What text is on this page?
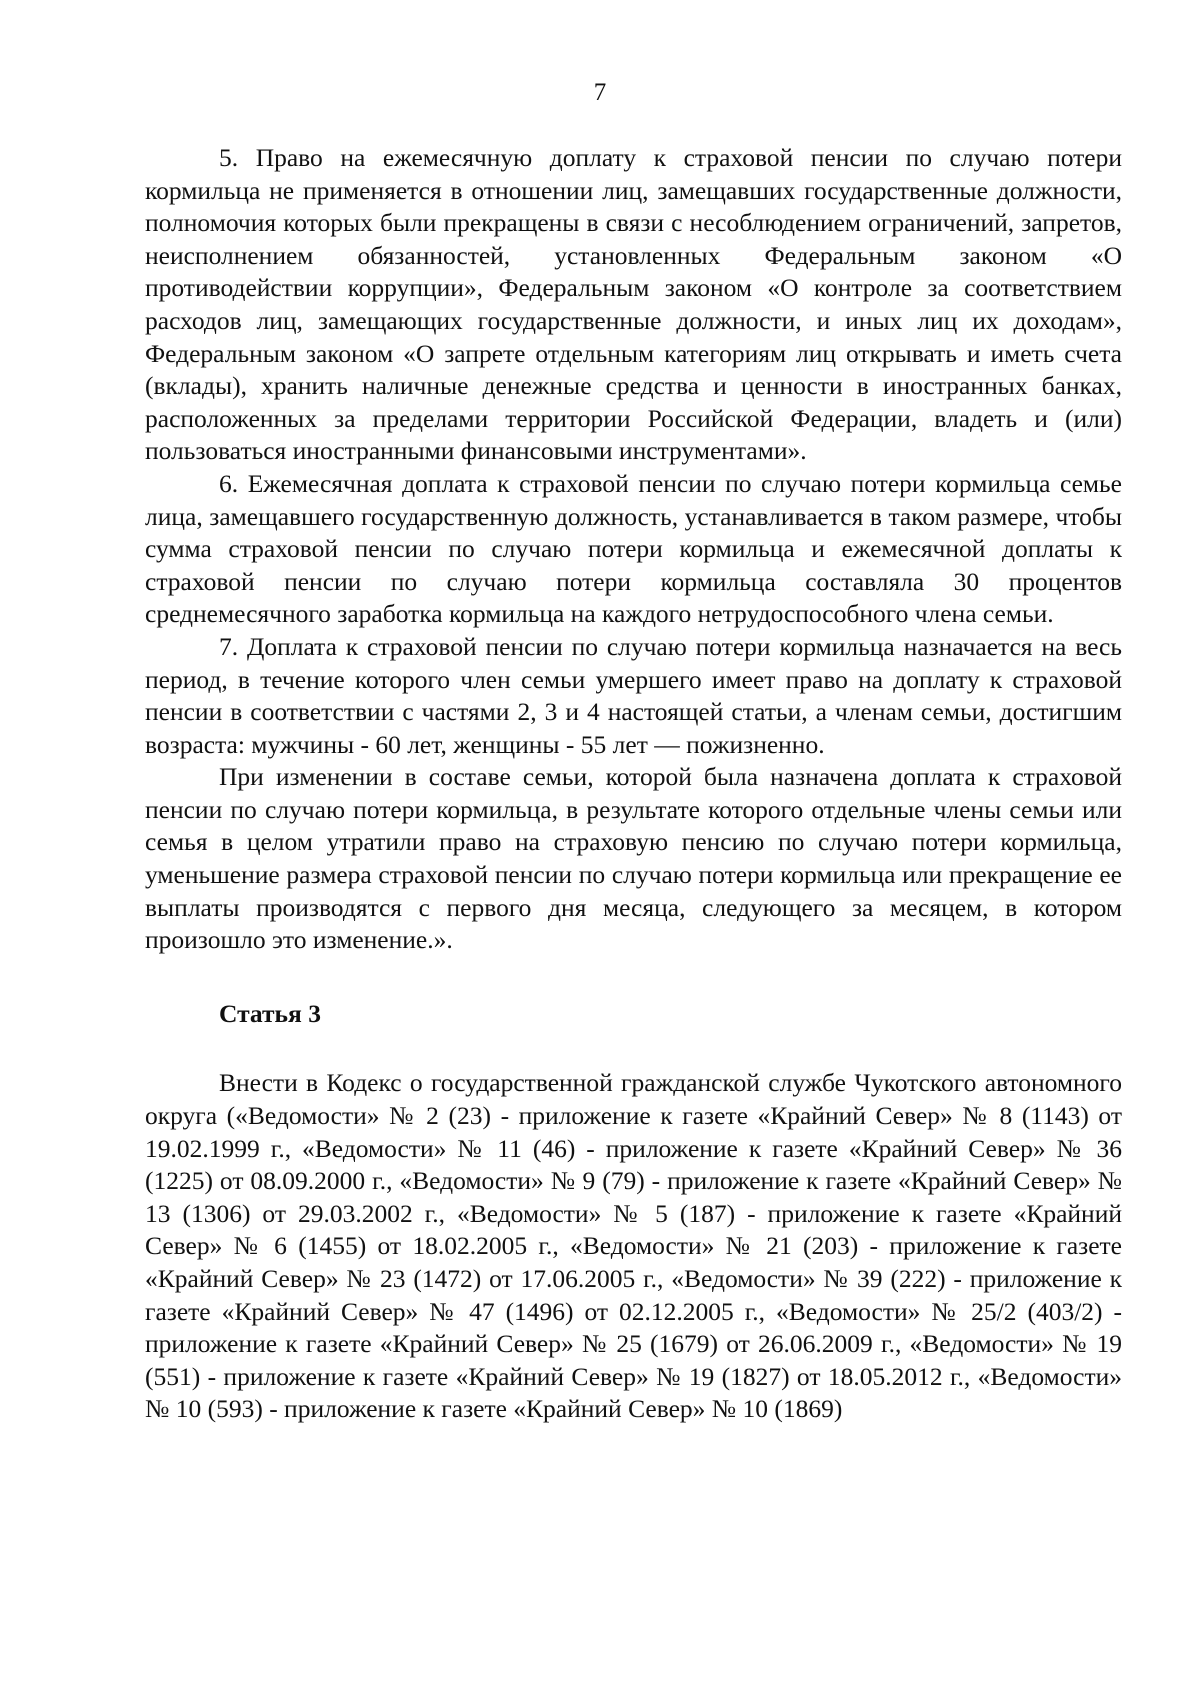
7

5. Право на ежемесячную доплату к страховой пенсии по случаю потери кормильца не применяется в отношении лиц, замещавших государственные должности, полномочия которых были прекращены в связи с несоблюдением ограничений, запретов, неисполнением обязанностей, установленных Федеральным законом «О противодействии коррупции», Федеральным законом «О контроле за соответствием расходов лиц, замещающих государственные должности, и иных лиц их доходам», Федеральным законом «О запрете отдельным категориям лиц открывать и иметь счета (вклады), хранить наличные денежные средства и ценности в иностранных банках, расположенных за пределами территории Российской Федерации, владеть и (или) пользоваться иностранными финансовыми инструментами».

6. Ежемесячная доплата к страховой пенсии по случаю потери кормильца семье лица, замещавшего государственную должность, устанавливается в таком размере, чтобы сумма страховой пенсии по случаю потери кормильца и ежемесячной доплаты к страховой пенсии по случаю потери кормильца составляла 30 процентов среднемесячного заработка кормильца на каждого нетрудоспособного члена семьи.

7. Доплата к страховой пенсии по случаю потери кормильца назначается на весь период, в течение которого член семьи умершего имеет право на доплату к страховой пенсии в соответствии с частями 2, 3 и 4 настоящей статьи, а членам семьи, достигшим возраста: мужчины - 60 лет, женщины - 55 лет — пожизненно.

При изменении в составе семьи, которой была назначена доплата к страховой пенсии по случаю потери кормильца, в результате которого отдельные члены семьи или семья в целом утратили право на страховую пенсию по случаю потери кормильца, уменьшение размера страховой пенсии по случаю потери кормильца или прекращение ее выплаты производятся с первого дня месяца, следующего за месяцем, в котором произошло это изменение.».

Статья 3

Внести в Кодекс о государственной гражданской службе Чукотского автономного округа («Ведомости» № 2 (23) - приложение к газете «Крайний Север» № 8 (1143) от 19.02.1999 г., «Ведомости» № 11 (46) - приложение к газете «Крайний Север» № 36 (1225) от 08.09.2000 г., «Ведомости» № 9 (79) - приложение к газете «Крайний Север» № 13 (1306) от 29.03.2002 г., «Ведомости» № 5 (187) - приложение к газете «Крайний Север» № 6 (1455) от 18.02.2005 г., «Ведомости» № 21 (203) - приложение к газете «Крайний Север» № 23 (1472) от 17.06.2005 г., «Ведомости» № 39 (222) - приложение к газете «Крайний Север» № 47 (1496) от 02.12.2005 г., «Ведомости» № 25/2 (403/2) - приложение к газете «Крайний Север» № 25 (1679) от 26.06.2009 г., «Ведомости» № 19 (551) - приложение к газете «Крайний Север» № 19 (1827) от 18.05.2012 г., «Ведомости» № 10 (593) - приложение к газете «Крайний Север» № 10 (1869)
